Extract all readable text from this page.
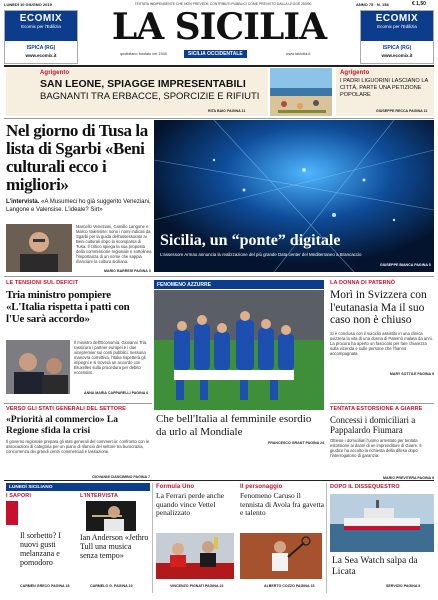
LUNEDÌ 10 GIUGNO 2019	TESTATA INDIPENDENTE CHE NON PREVEDE CONTRIBUTI PUBBLICI COME PREVISTO DALLA LEGGE 250/90	ANNO 75 · N. 158	€ 1,50
ECOMIX
Ecomix per l'Edilizia
ISPICA (RG)
www.ecomix.it
ECOMIX
Ecomix per l'Edilizia
ISPICA (RG)
www.ecomix.it
LA SICILIA
quotidiano fondato nel 1945	SICILIA OCCIDENTALE	www.lasicilia.it
Agrigento
SAN LEONE, SPIAGGE IMPRESENTABILI
BAGNANTI TRA ERBACCE, SPORCIZIE E RIFIUTI
RITA BAIO PAGINA 11
Agrigento
I PADRI LIGUORINI LASCIANO LA CITTÀ, PARTE UNA PETIZIONE POPOLARE
GIUSEPPE RECCA PAGINA 11
Nel giorno di Tusa la lista di Sgarbi «Beni culturali ecco i migliori»
L'intervista. «A Musumeci ho già suggerito Veneziani, Langone e Valensise. L'ideale? Sirt»
Marcello Veneziani, Camillo Langone e Marco Valensise: sono i nomi indicati da Sgarbi per la guida dell'assessorato ai Beni culturali dopo la scomparsa di Tusa. Il critico spiega la sua proposta della commissione regionale e sottolinea l'importanza di un nome che sappia rilanciare la cultura siciliana.
MARIO BARRESI PAGINA 3
Sicilia, un “ponte” digitale
L'assessore Armao annuncia la realizzazione del più grande Data center del Mediterraneo a Brancaccio
GIUSEPPE BIANCA PAGINA 5
LE TENSIONI SUL DEFICIT
Tria ministro pompiere «L'Italia rispetta i patti con l'Ue sarà accordo»
Il ministro dell'Economia, Giovanni Tria, rassicura i partner europei e i due vicepremier sui conti pubblici: nessuna manovra correttiva, l'Italia rispetterà gli impegni e si troverà un accordo con Bruxelles sulla procedura per debito eccessivo.
ANNA MARIA CAPPARELLI PAGINA 6
FENOMENO AZZURRE
Che bell'Italia al femminile esordio da urlo al Mondiale
FRANCESCO GRANT PAGINA 24
LA DONNA DI PATERNÒ
Morì in Svizzera con l'eutanasia Ma il suo caso non è chiuso
Si è conclusa con il suicidio assistito in una clinica svizzera la vita di una donna di Paternò malata da anni. La procura ha aperto un fascicolo per fare chiarezza sulla vicenda e sulle persone che l'hanno accompagnata.
MARY SOTTILE PAGINA 9
VERSO GLI STATI GENERALI DEL SETTORE
«Priorità al commercio» La Regione sfida la crisi
Il governo regionale prepara gli stati generali del commercio: confronto con le associazioni di categoria per un piano di rilancio del settore tra burocrazia, concorrenza dei grandi centri commerciali e tassazione.
GIOVANNI CIANCIMINO PAGINA 7
TENTATA ESTORSIONE A GIARRE
Concessi i domiciliari a Pappalardo Fiumara
Ottiene i domiciliari l'uomo arrestato per tentata estorsione ai danni di un imprenditore di Giarre. Il giudice ha accolto la richiesta della difesa dopo l'interrogatorio di garanzia.
MARIO PREVITERA PAGINA 9
LUNEDÌ SICILIANO
I SAPORI
Il sorbetto? I nuovi gusti melanzana e pomodoro
CARMEN GRECO PAGINA 18
L'INTERVISTA
Ian Anderson «Jethro Tull una musica senza tempo»
CARMELO G. PAGINA 19
Formula Uno
La Ferrari perde anche quando vince Vettel penalizzato
VINCENZO PIGNATI PAGINA 22
Il personaggio
Fenomeno Caruso il tennista di Avola fra gavetta e talento
ALBERTO COZZO PAGINA 23
DOPO IL DISSEQUESTRO
La Sea Watch salpa da Licata
SERVIZIO PAGINA 9
